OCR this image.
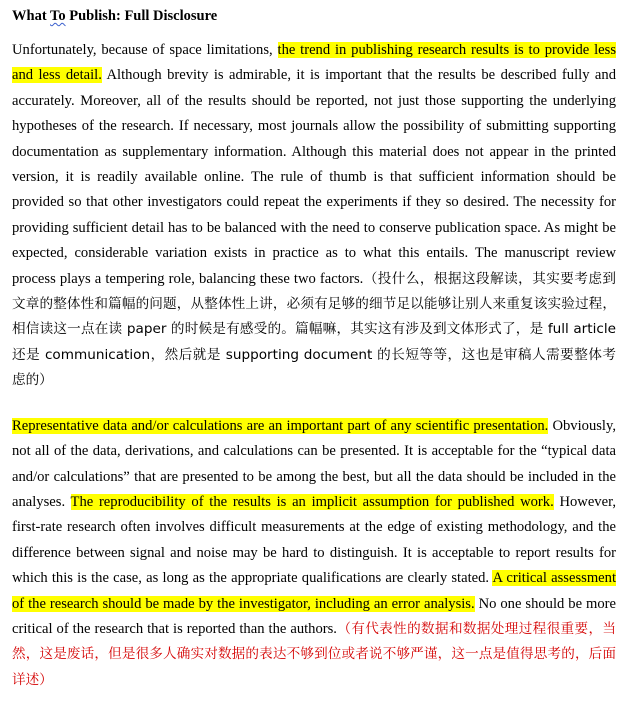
What To Publish: Full Disclosure

Unfortunately, because of space limitations, the trend in publishing research results is to provide less and less detail. Although brevity is admirable, it is important that the results be described fully and accurately. Moreover, all of the results should be reported, not just those supporting the underlying hypotheses of the research. If necessary, most journals allow the possibility of submitting supporting documentation as supplementary information. Although this material does not appear in the printed version, it is readily available online. The rule of thumb is that sufficient information should be provided so that other investigators could repeat the experiments if they so desired. The necessity for providing sufficient detail has to be balanced with the need to conserve publication space. As might be expected, considerable variation exists in practice as to what this entails. The manuscript review process plays a tempering role, balancing these two factors.（投什么，根据这段解读，其实要考虑到文章的整体性和篇幅的问题，从整体性上讲，必须有足够的细节足以能够让别人来重复该实验过程，相信读这一点在读 paper 的时候是有感受的。篇幅嘛，其实这有涉及到文体形式了，是 full article 还是 communication，然后就是 supporting document 的长短等等，这也是审稿人需要整体考虑的）

Representative data and/or calculations are an important part of any scientific presentation. Obviously, not all of the data, derivations, and calculations can be presented. It is acceptable for the “typical data and/or calculations” that are presented to be among the best, but all the data should be included in the analyses. The reproducibility of the results is an implicit assumption for published work. However, first-rate research often involves difficult measurements at the edge of existing methodology, and the difference between signal and noise may be hard to distinguish. It is acceptable to report results for which this is the case, as long as the appropriate qualifications are clearly stated. A critical assessment of the research should be made by the investigator, including an error analysis. No one should be more critical of the research that is reported than the authors.（有代表性的数据和数据处理过程很重要，当然，这是废话，但是很多人确实对数据的表达不够到位或者说不够严谨，这一点是值得思考的，后面详述）
